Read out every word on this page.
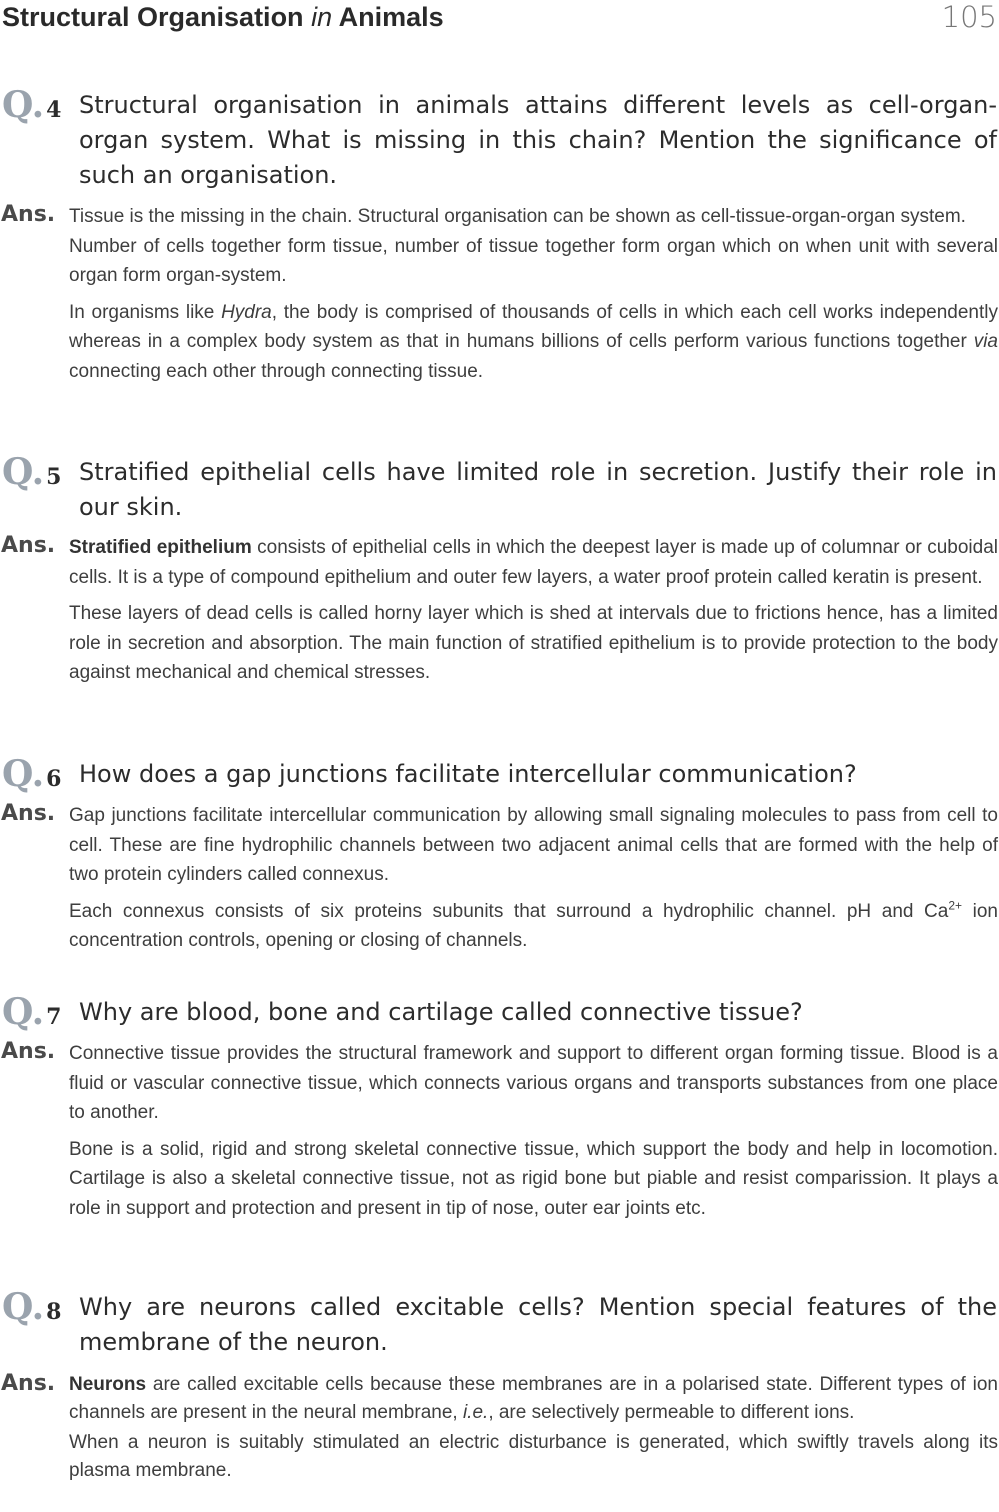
Structural Organisation in Animals	105
Q.4 Structural organisation in animals attains different levels as cell-organ-organ system. What is missing in this chain? Mention the significance of such an organisation.
Ans. Tissue is the missing in the chain. Structural organisation can be shown as cell-tissue-organ-organ system.

Number of cells together form tissue, number of tissue together form organ which on when unit with several organ form organ-system.

In organisms like Hydra, the body is comprised of thousands of cells in which each cell works independently whereas in a complex body system as that in humans billions of cells perform various functions together via connecting each other through connecting tissue.

Q.5 Stratified epithelial cells have limited role in secretion. Justify their role in our skin.
Ans. Stratified epithelium consists of epithelial cells in which the deepest layer is made up of columnar or cuboidal cells. It is a type of compound epithelium and outer few layers, a water proof protein called keratin is present.

These layers of dead cells is called horny layer which is shed at intervals due to frictions hence, has a limited role in secretion and absorption. The main function of stratified epithelium is to provide protection to the body against mechanical and chemical stresses.

Q.6 How does a gap junctions facilitate intercellular communication?
Ans. Gap junctions facilitate intercellular communication by allowing small signaling molecules to pass from cell to cell. These are fine hydrophilic channels between two adjacent animal cells that are formed with the help of two protein cylinders called connexus.

Each connexus consists of six proteins subunits that surround a hydrophilic channel. pH and $Ca^{2+}$ ion concentration controls, opening or closing of channels.

Q.7 Why are blood, bone and cartilage called connective tissue?
Ans. Connective tissue provides the structural framework and support to different organ forming tissue. Blood is a fluid or vascular connective tissue, which connects various organs and transports substances from one place to another.

Bone is a solid, rigid and strong skeletal connective tissue, which support the body and help in locomotion. Cartilage is also a skeletal connective tissue, not as rigid bone but piable and resist comparission. It plays a role in support and protection and present in tip of nose, outer ear joints etc.

Q.8 Why are neurons called excitable cells? Mention special features of the membrane of the neuron.
Ans. Neurons are called excitable cells because these membranes are in a polarised state. Different types of ion channels are present in the neural membrane, i.e., are selectively permeable to different ions.

When a neuron is suitably stimulated an electric disturbance is generated, which swiftly travels along its plasma membrane.
